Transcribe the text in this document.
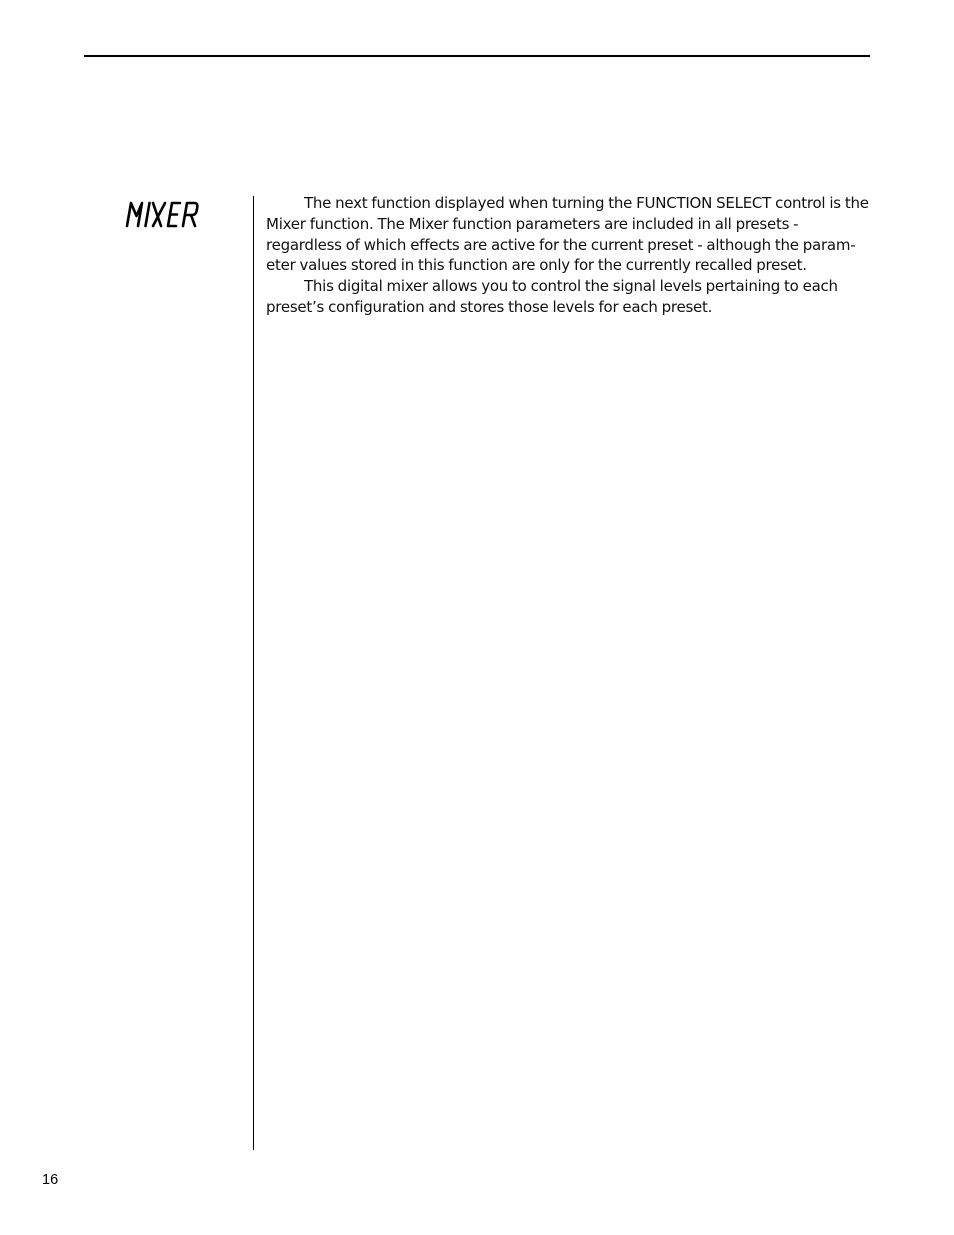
The next function displayed when turning the FUNCTION SELECT control is the Mixer function. The Mixer function parameters are included in all presets - regardless of which effects are active for the current preset - although the param- eter values stored in this function are only for the currently recalled preset.

This digital mixer allows you to control the signal levels pertaining to each preset’s configuration and stores those levels for each preset.

16
